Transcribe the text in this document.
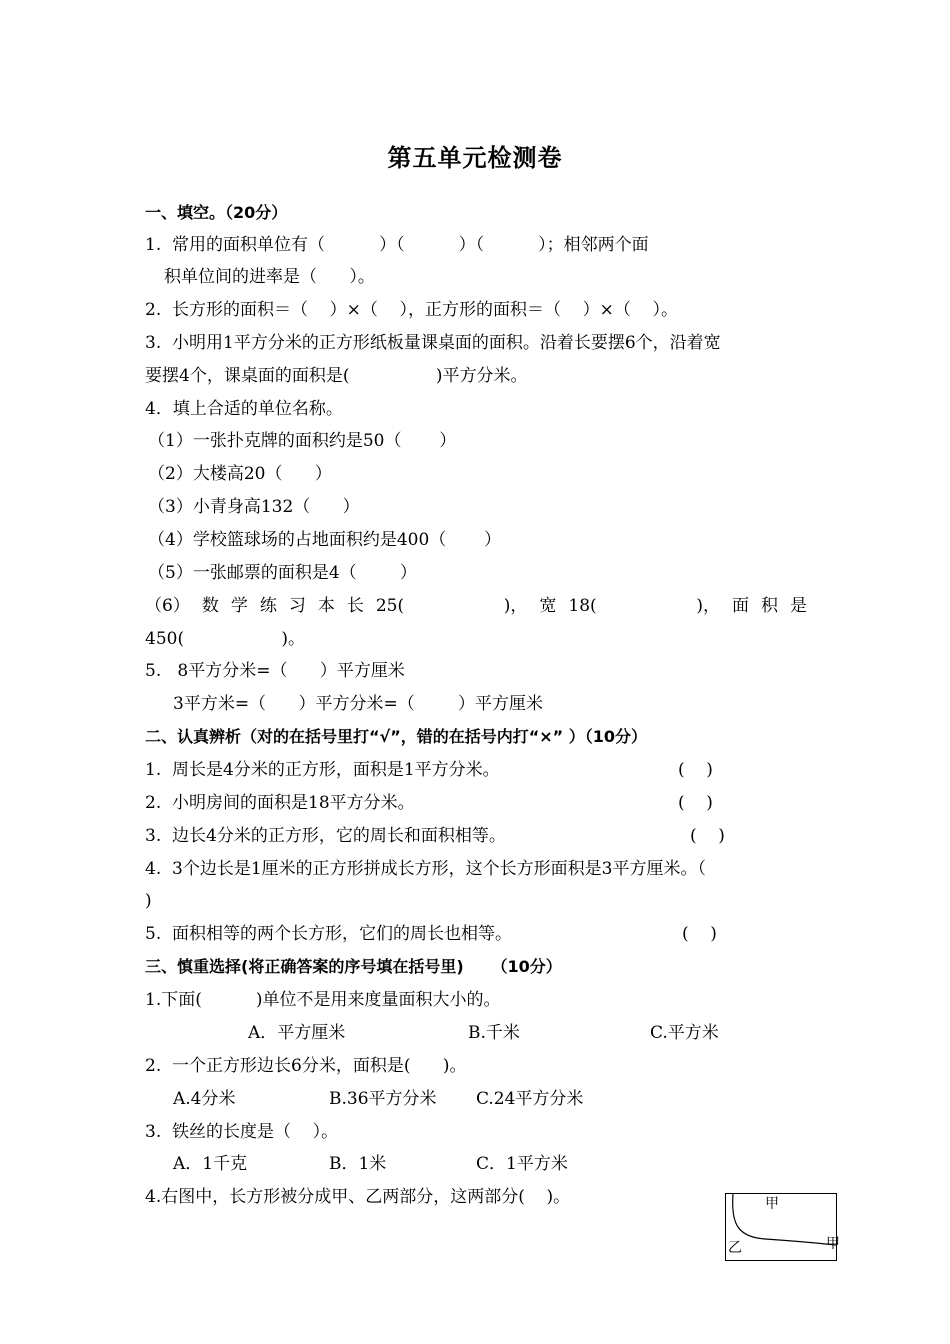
第五单元检测卷
一、填空。（20分）
1.  常用的面积单位有（          ）（          ）（          ）；相邻两个面
积单位间的进率是（      ）。
2.  长方形的面积＝（    ）×（    ），正方形的面积＝（    ）×（    ）。
3.  小明用1平方分米的正方形纸板量课桌面的面积。沿着长要摆6个，沿着宽
要摆4个，课桌面的面积是(                )平方分米。
4．填上合适的单位名称。
（1）一张扑克牌的面积约是50（       ）
（2）大楼高20（      ）
（3）小青身高132（      ）
（4）学校篮球场的占地面积约是400（       ）
（5）一张邮票的面积是4（        ）
（6） 数 学 练 习 本 长 25(
	)， 宽 18(
	)， 面 积 是
450(                  )。
5.   8平方分米=（      ）平方厘米
3平方米=（      ）平方分米=（        ）平方厘米
二、认真辨析（对的在括号里打“√”，错的在括号内打“×” ）（10分）
1.  周长是4分米的正方形，面积是1平方分米。	(    )
2.  小明房间的面积是18平方分米。	(    )
3.  边长4分米的正方形，它的周长和面积相等。	(    )
4.  3个边长是1厘米的正方形拼成长方形，这个长方形面积是3平方厘米。（
)
5.  面积相等的两个长方形，它们的周长也相等。	(    )
三、慎重选择(将正确答案的序号填在括号里)     （10分）
1.下面(          )单位不是用来度量面积大小的。
A．平方厘米	B.千米	C.平方米
2.  一个正方形边长6分米，面积是(      )。
A.4分米	B.36平方分米 C.24平方分米
3.  铁丝的长度是（    ）。
A．1千克	B．1米	C．1平方米
4.右图中，长方形被分成甲、乙两部分，这两部分(    )。	甲
乙	甲
